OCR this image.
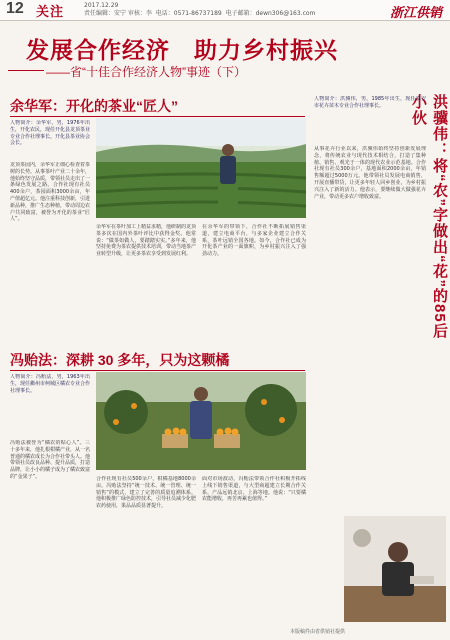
12 关注	2017.12.29
责任编辑：安宁 审核：李 电话：0571-86737189 电子邮箱：dewn306@163.com	浙江供销
发展合作经济　助力乡村振兴
——省“十佳合作经济人物”事迹（下）
余华军：开化的茶业“匠人”
人物简介：余华军，男，1976年出生，开化农民，现任开化县龙顶茶业专业合作社理事长。开化县茶业协会会长。
龙顶茶园内，余华军正细心检查着茶树的长势。从事茶叶产业二十余年，他始终坚守品质，带领社员走出了一条绿色发展之路。合作社现有社员400余户，茶园面积3000余亩，年产值超亿元。他注重科技创新，引进新品种，推广生态种植，带动周边农户共同致富，被誉为开化的茶业“匠人”。
余华军在茶叶加工上精益求精，他研制的龙顶茶多次在国内外茶叶评比中获得金奖。他常说：“做茶如做人，要踏踏实实。”多年来，他坚持免费为茶农提供技术培训，带动当地茶产业转型升级，让更多茶农享受到发展红利。
在余华军的带领下，合作社不断拓展销售渠道，建立电商平台，与多家企业建立合作关系，茶叶远销全国各地。如今，合作社已成为开化茶产业的一面旗帜，为乡村振兴注入了强劲动力。
冯贻法：深耕 30 多年，只为这颗橘
人物简介：冯贻法，男，1963年出生，现任衢州市柯城区橘农专业合作社理事长。
冯贻法被誉为“橘农的贴心人”。三十多年来，他扎根柑橘产业，从一名普通的橘农成长为合作社带头人。他带领社员改良品种、提升品质，打造品牌，让小小的橘子成为了橘农致富的“金果子”。	合作社现有社员500余户，柑橘基地8000余亩。冯贻法坚持“统一技术、统一管理、统一销售”的模式，建立了完善的质量追溯体系。他积极推广绿色防控技术，引导社员减少化肥农药使用，果品品质显著提升。
面对市场波动，冯贻法带领合作社积极开拓线上线下销售渠道，与大型商超建立长期合作关系，产品远销北京、上海等地。他说：“只要橘农能增收，再苦再累也值得。”
洪骥伟：将“农”字做出“花”的85后小伙
人物简介：洪骥伟，男，1985年出生，现任临安市花卉苗木专业合作社理事长。
从事花卉行业以来，洪骥伟始终坚持创新发展理念，将传统农业与现代技术相结合，打造了集种植、销售、观光于一体的现代农业示范基地。合作社现有社员300余户，基地面积2000余亩，年销售额超过5000万元。他带领社员发展电商销售，开展直播带货，让更多年轻人回乡创业，为乡村振兴注入了新的活力。他表示，要继续做大做强花卉产业，带动更多农户增收致富。
本版稿件由省供销社提供
